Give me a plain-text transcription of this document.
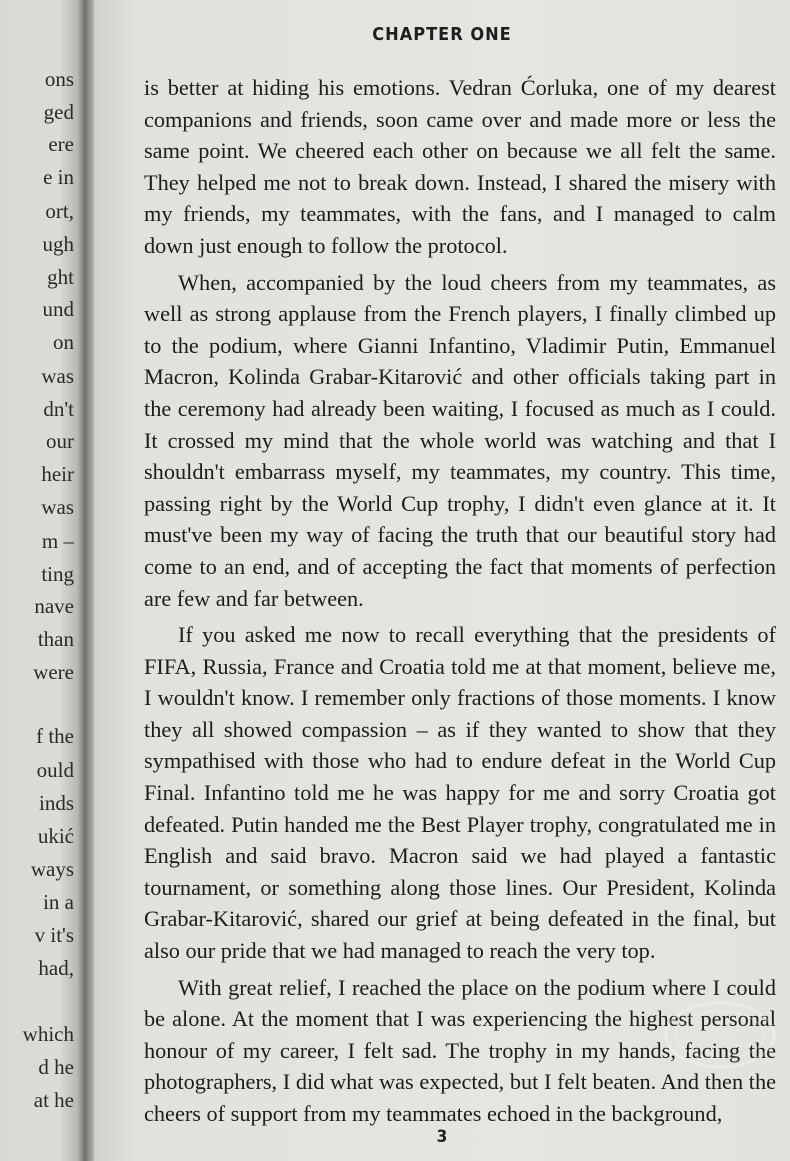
ons
ged
ere
e in
ort,
ugh
ght
und
on
was
dn't
our
heir
was
m –
ting
nave
than
were
f the
ould
inds
ukić
ways
in a
v it's
had,
which
d he
at he
CHAPTER ONE

is better at hiding his emotions. Vedran Ćorluka, one of my dearest companions and friends, soon came over and made more or less the same point. We cheered each other on because we all felt the same. They helped me not to break down. Instead, I shared the misery with my friends, my teammates, with the fans, and I managed to calm down just enough to follow the protocol.

When, accompanied by the loud cheers from my teammates, as well as strong applause from the French players, I finally climbed up to the podium, where Gianni Infantino, Vladimir Putin, Emmanuel Macron, Kolinda Grabar-Kitarović and other officials taking part in the ceremony had already been waiting, I focused as much as I could. It crossed my mind that the whole world was watching and that I shouldn't embarrass myself, my teammates, my country. This time, passing right by the World Cup trophy, I didn't even glance at it. It must've been my way of facing the truth that our beautiful story had come to an end, and of accepting the fact that moments of perfection are few and far between.

If you asked me now to recall everything that the presidents of FIFA, Russia, France and Croatia told me at that moment, believe me, I wouldn't know. I remember only fractions of those moments. I know they all showed compassion – as if they wanted to show that they sympathised with those who had to endure defeat in the World Cup Final. Infantino told me he was happy for me and sorry Croatia got defeated. Putin handed me the Best Player trophy, congratulated me in English and said bravo. Macron said we had played a fantastic tournament, or something along those lines. Our President, Kolinda Grabar-Kitarović, shared our grief at being defeated in the final, but also our pride that we had managed to reach the very top.

With great relief, I reached the place on the podium where I could be alone. At the moment that I was experiencing the highest personal honour of my career, I felt sad. The trophy in my hands, facing the photographers, I did what was expected, but I felt beaten. And then the cheers of support from my teammates echoed in the background,

3
